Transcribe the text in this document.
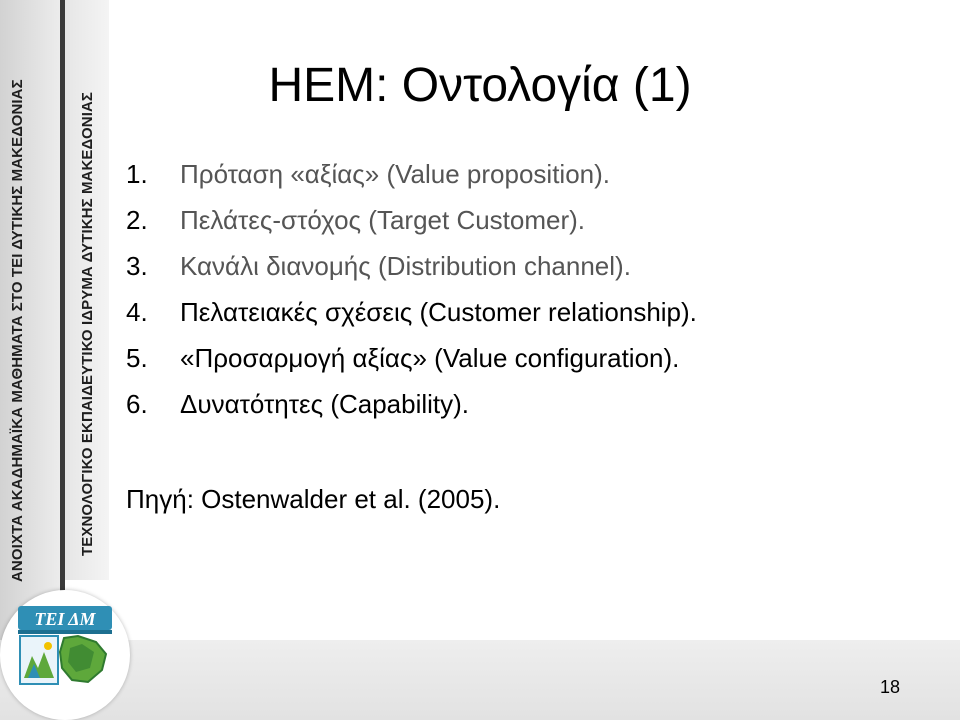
ΑΝΟΙΧΤΑ ΑΚΑΔΗΜΑΪΚΑ ΜΑΘΗΜΑΤΑ ΣΤΟ ΤΕΙ ΔΥΤΙΚΗΣ ΜΑΚΕΔΟΝΙΑΣ	ΤΕΧΝΟΛΟΓΙΚΟ ΕΚΠΑΙΔΕΥΤΙΚΟ ΙΔΡΥΜΑ ΔΥΤΙΚΗΣ ΜΑΚΕΔΟΝΙΑΣ
ΤΕΙ ΔΜ
HEM: Οντολογία (1)
1. Πρόταση «αξίας» (Value proposition).
2. Πελάτες-στόχος (Target Customer).
3. Κανάλι διανομής (Distribution channel).
4. Πελατειακές σχέσεις (Customer relationship).
5. «Προσαρμογή αξίας» (Value configuration).
6. Δυνατότητες (Capability).
Πηγή: Ostenwalder et al. (2005).
18
